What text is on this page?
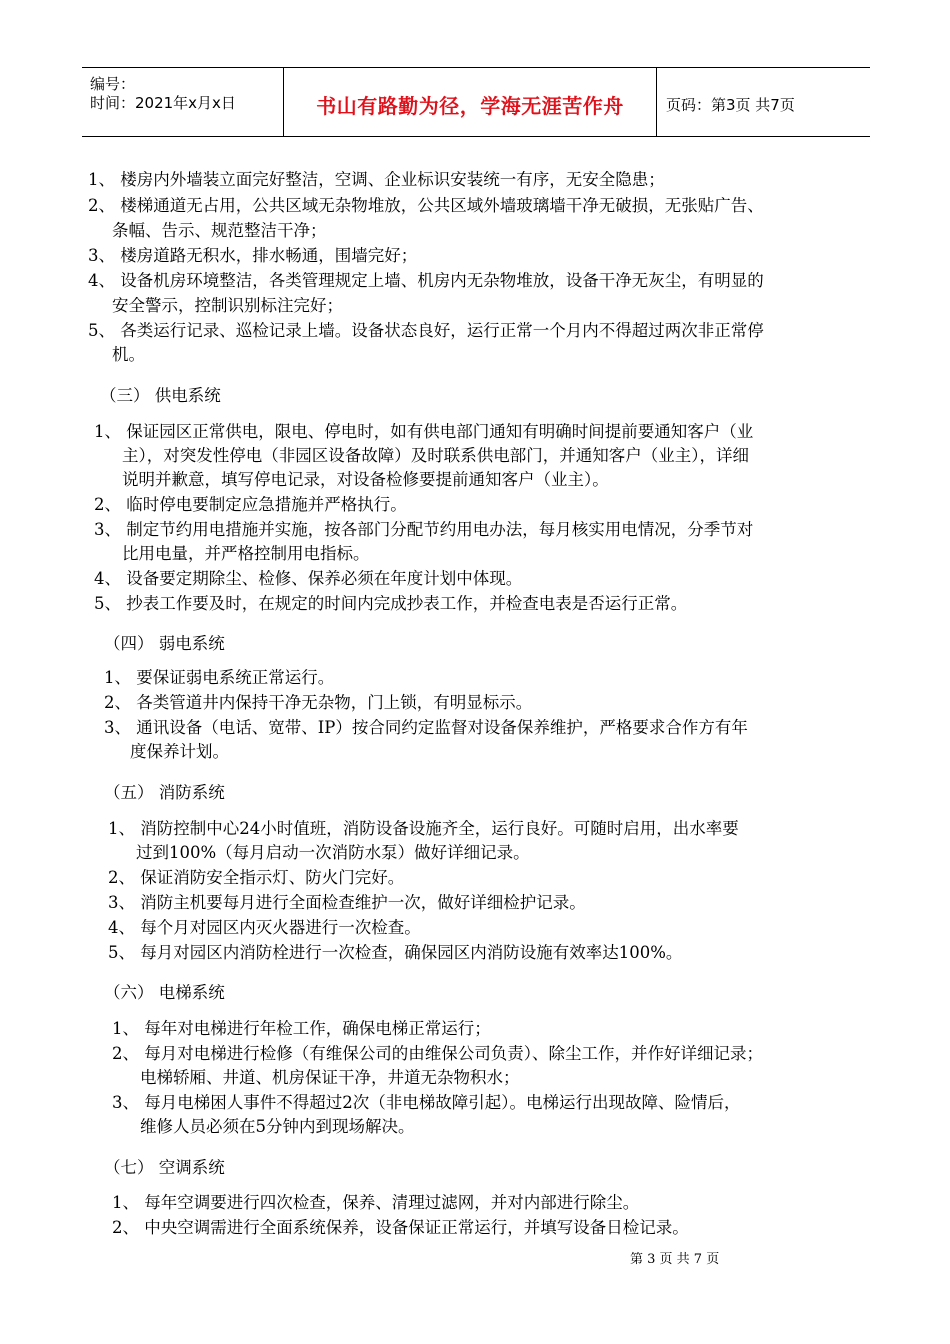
编号：
时间：2021年x月x日	书山有路勤为径，学海无涯苦作舟	页码：第3页 共7页
1、 楼房内外墙装立面完好整洁，空调、企业标识安装统一有序，无安全隐患；
2、 楼梯通道无占用，公共区域无杂物堆放，公共区域外墙玻璃墙干净无破损，无张贴广告、
条幅、告示、规范整洁干净；
3、 楼房道路无积水，排水畅通，围墙完好；
4、 设备机房环境整洁，各类管理规定上墙、机房内无杂物堆放，设备干净无灰尘，有明显的
安全警示，控制识别标注完好；
5、 各类运行记录、巡检记录上墙。设备状态良好，运行正常一个月内不得超过两次非正常停
机。
（三） 供电系统
1、 保证园区正常供电，限电、停电时，如有供电部门通知有明确时间提前要通知客户（业
主），对突发性停电（非园区设备故障）及时联系供电部门，并通知客户（业主），详细
说明并歉意，填写停电记录，对设备检修要提前通知客户（业主）。
2、 临时停电要制定应急措施并严格执行。
3、 制定节约用电措施并实施，按各部门分配节约用电办法，每月核实用电情况，分季节对
比用电量，并严格控制用电指标。
4、 设备要定期除尘、检修、保养必须在年度计划中体现。
5、 抄表工作要及时，在规定的时间内完成抄表工作，并检查电表是否运行正常。
（四） 弱电系统
1、 要保证弱电系统正常运行。
2、 各类管道井内保持干净无杂物，门上锁，有明显标示。
3、 通讯设备（电话、宽带、IP）按合同约定监督对设备保养维护，严格要求合作方有年
度保养计划。
（五） 消防系统
1、 消防控制中心24小时值班，消防设备设施齐全，运行良好。可随时启用，出水率要
过到100%（每月启动一次消防水泵）做好详细记录。
2、 保证消防安全指示灯、防火门完好。
3、 消防主机要每月进行全面检查维护一次，做好详细检护记录。
4、 每个月对园区内灭火器进行一次检查。
5、 每月对园区内消防栓进行一次检查，确保园区内消防设施有效率达100%。
（六） 电梯系统
1、 每年对电梯进行年检工作，确保电梯正常运行；
2、 每月对电梯进行检修（有维保公司的由维保公司负责）、除尘工作，并作好详细记录；
电梯轿厢、井道、机房保证干净，井道无杂物积水；
3、 每月电梯困人事件不得超过2次（非电梯故障引起）。电梯运行出现故障、险情后，
维修人员必须在5分钟内到现场解决。
（七） 空调系统
1、 每年空调要进行四次检查，保养、清理过滤网，并对内部进行除尘。
2、 中央空调需进行全面系统保养，设备保证正常运行，并填写设备日检记录。
第 3 页 共 7 页
